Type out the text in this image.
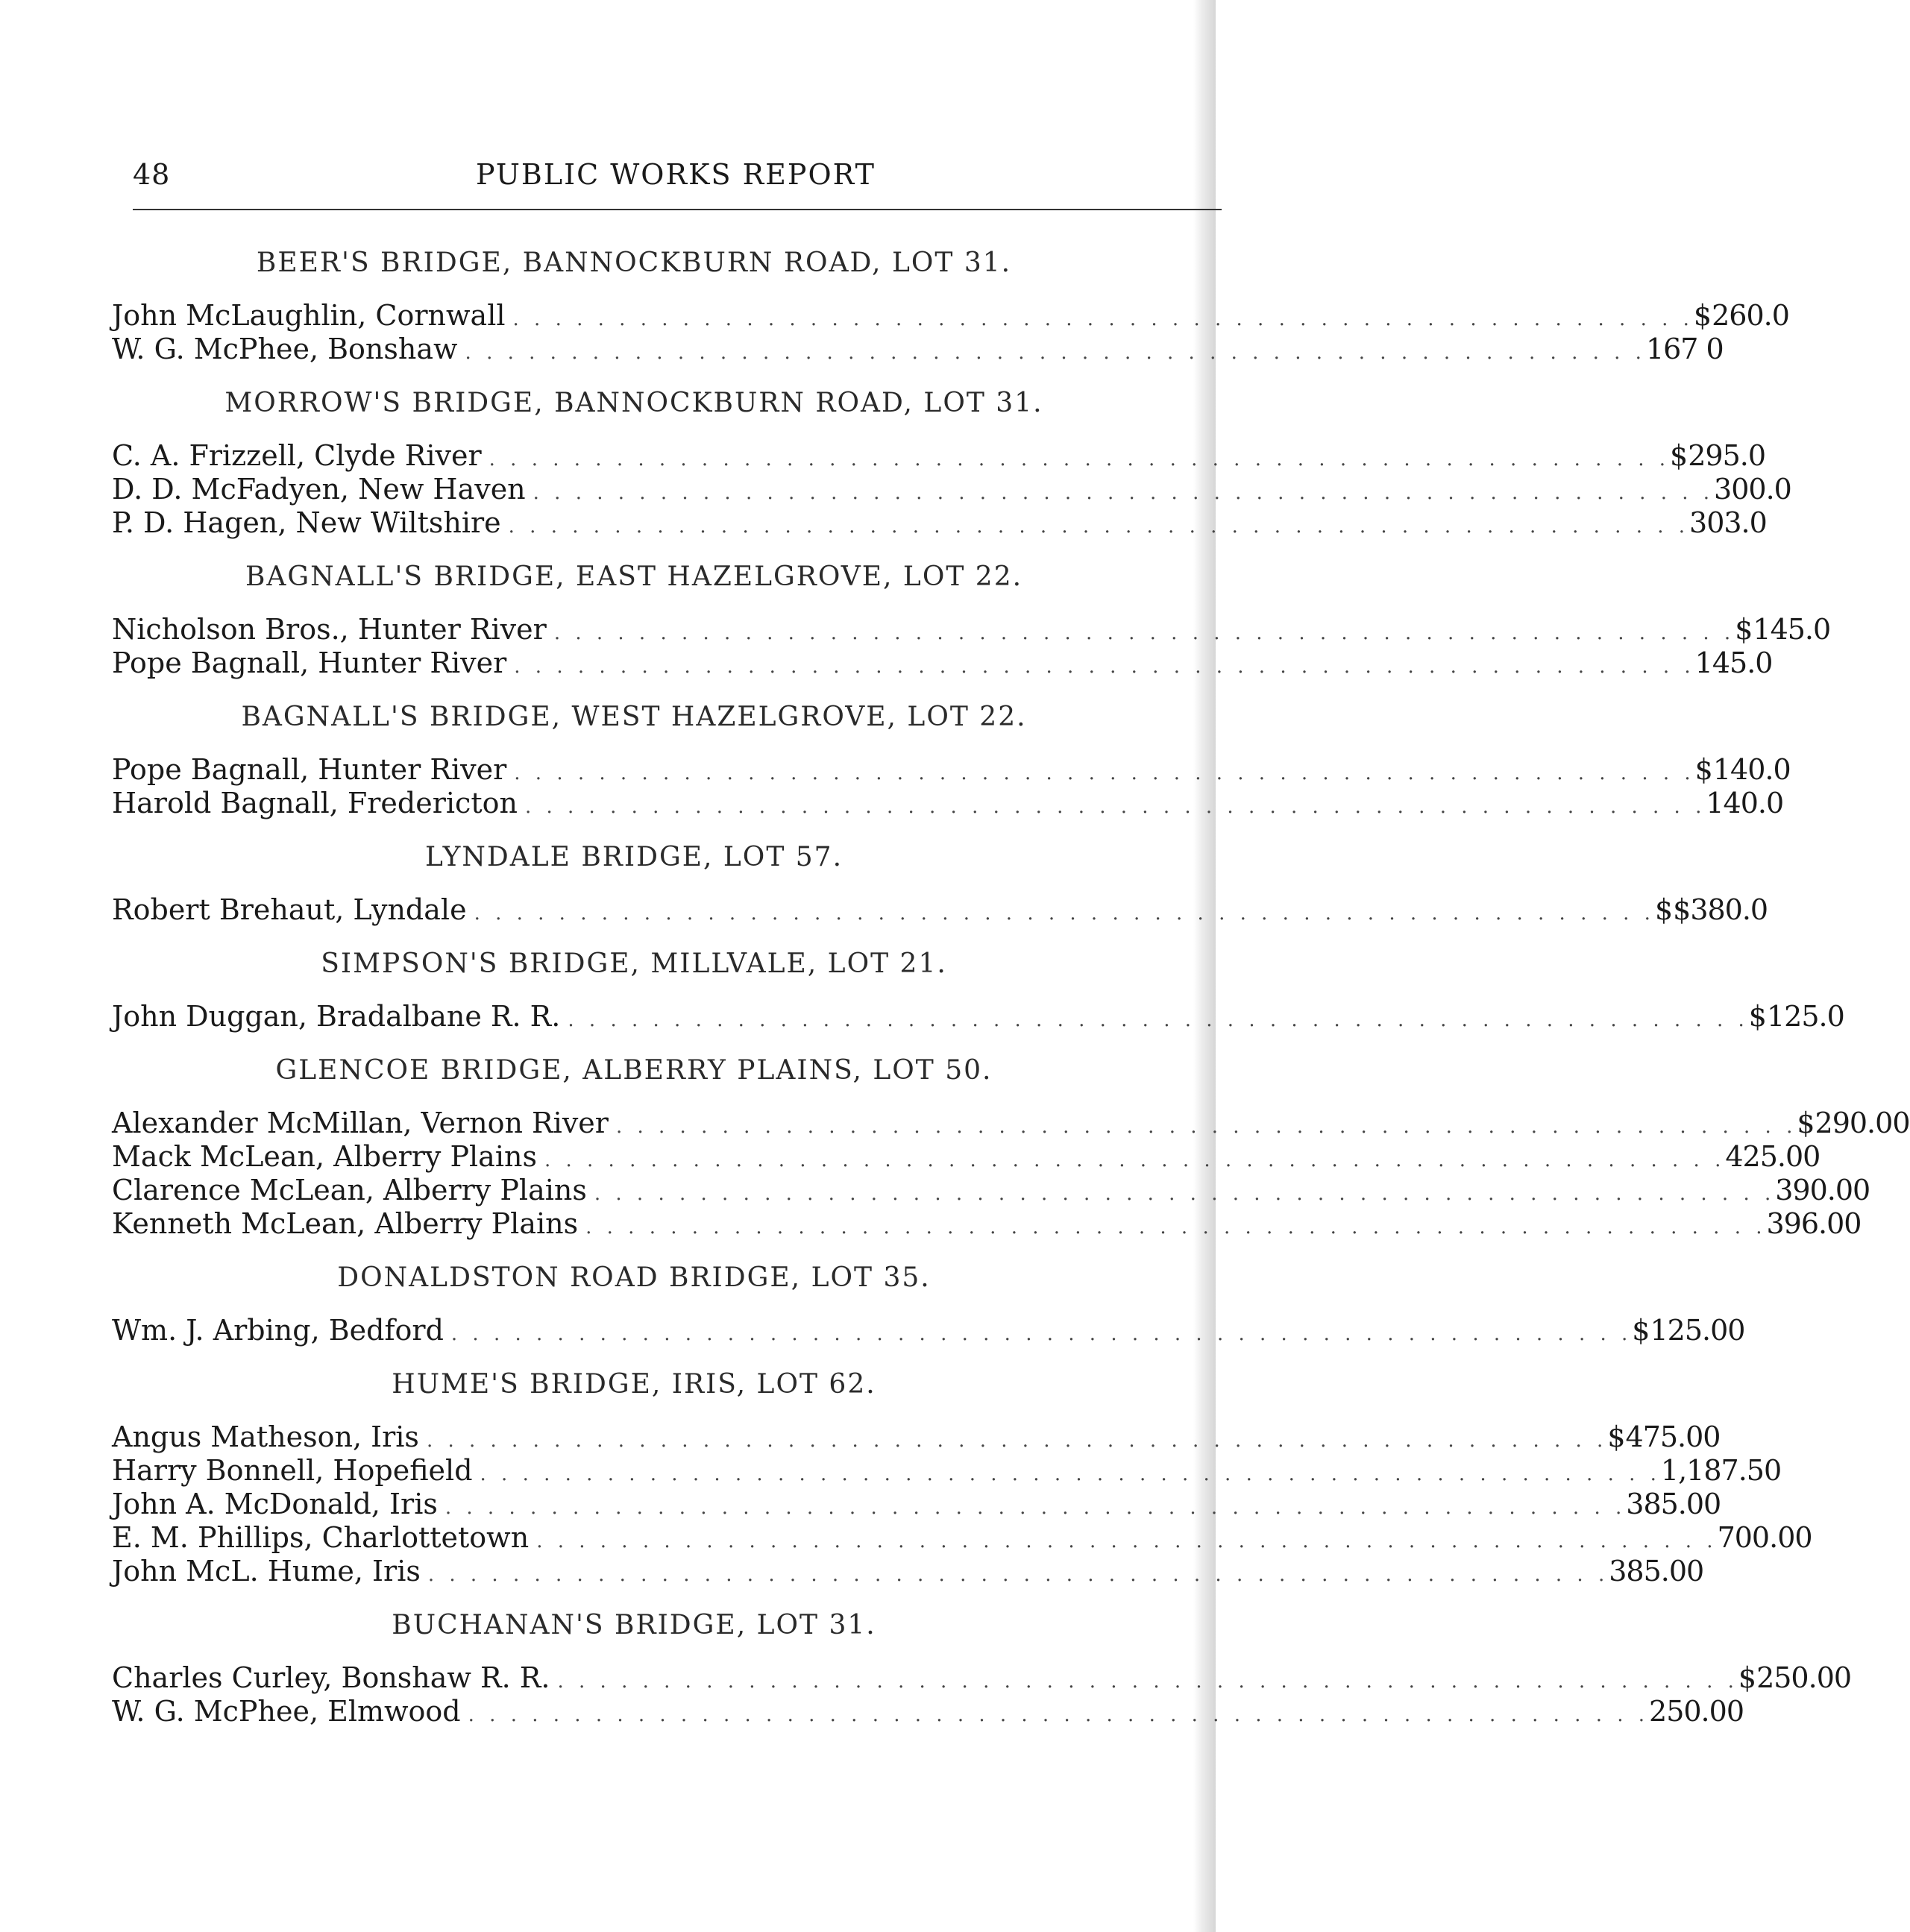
48	PUBLIC WORKS REPORT
BEER'S BRIDGE, BANNOCKBURN ROAD, LOT 31.
John McLaughlin, Cornwall . . . . . . . . . . . . . . . . . . . . . . . . . . . . . . . . . . . . . . . . . . . . . . . . . . . . . . . . $ 260.0
W. G. McPhee, Bonshaw . . . . . . . . . . . . . . . . . . . . . . . . . . . . . . . . . . . . . . . . . . . . . . . . . . . . . . . . 167 0
MORROW'S BRIDGE, BANNOCKBURN ROAD, LOT 31.
C. A. Frizzell, Clyde River . . . . . . . . . . . . . . . . . . . . . . . . . . . . . . . . . . . . . . . . . . . . . . . . . . . . . . . . $ 295.0
D. D. McFadyen, New Haven . . . . . . . . . . . . . . . . . . . . . . . . . . . . . . . . . . . . . . . . . . . . . . . . . . . . . . . . 300.0
P. D. Hagen, New Wiltshire . . . . . . . . . . . . . . . . . . . . . . . . . . . . . . . . . . . . . . . . . . . . . . . . . . . . . . . . 303.0
BAGNALL'S BRIDGE, EAST HAZELGROVE, LOT 22.
Nicholson Bros., Hunter River . . . . . . . . . . . . . . . . . . . . . . . . . . . . . . . . . . . . . . . . . . . . . . . . . . . . . . . . $ 145.0
Pope Bagnall, Hunter River . . . . . . . . . . . . . . . . . . . . . . . . . . . . . . . . . . . . . . . . . . . . . . . . . . . . . . . . 145.0
BAGNALL'S BRIDGE, WEST HAZELGROVE, LOT 22.
Pope Bagnall, Hunter River . . . . . . . . . . . . . . . . . . . . . . . . . . . . . . . . . . . . . . . . . . . . . . . . . . . . . . . . $ 140.0
Harold Bagnall, Fredericton . . . . . . . . . . . . . . . . . . . . . . . . . . . . . . . . . . . . . . . . . . . . . . . . . . . . . . . . 140.0
LYNDALE BRIDGE, LOT 57.
Robert Brehaut, Lyndale . . . . . . . . . . . . . . . . . . . . . . . . . . . . . . . . . . . . . . . . . . . . . . . . . . . . . . . . $ $380.0
SIMPSON'S BRIDGE, MILLVALE, LOT 21.
John Duggan, Bradalbane R. R. . . . . . . . . . . . . . . . . . . . . . . . . . . . . . . . . . . . . . . . . . . . . . . . . . . . . . . . . $ 125.0
GLENCOE BRIDGE, ALBERRY PLAINS, LOT 50.
Alexander McMillan, Vernon River . . . . . . . . . . . . . . . . . . . . . . . . . . . . . . . . . . . . . . . . . . . . . . . . . . . . . . . . $ 290.00
Mack McLean, Alberry Plains . . . . . . . . . . . . . . . . . . . . . . . . . . . . . . . . . . . . . . . . . . . . . . . . . . . . . . . . 425.00
Clarence McLean, Alberry Plains . . . . . . . . . . . . . . . . . . . . . . . . . . . . . . . . . . . . . . . . . . . . . . . . . . . . . . . . 390.00
Kenneth McLean, Alberry Plains . . . . . . . . . . . . . . . . . . . . . . . . . . . . . . . . . . . . . . . . . . . . . . . . . . . . . . . . 396.00
DONALDSTON ROAD BRIDGE, LOT 35.
Wm. J. Arbing, Bedford . . . . . . . . . . . . . . . . . . . . . . . . . . . . . . . . . . . . . . . . . . . . . . . . . . . . . . . . $ 125.00
HUME'S BRIDGE, IRIS, LOT 62.
Angus Matheson, Iris . . . . . . . . . . . . . . . . . . . . . . . . . . . . . . . . . . . . . . . . . . . . . . . . . . . . . . . . $ 475.00
Harry Bonnell, Hopefield . . . . . . . . . . . . . . . . . . . . . . . . . . . . . . . . . . . . . . . . . . . . . . . . . . . . . . . . 1,187.50
John A. McDonald, Iris . . . . . . . . . . . . . . . . . . . . . . . . . . . . . . . . . . . . . . . . . . . . . . . . . . . . . . . . 385.00
E. M. Phillips, Charlottetown . . . . . . . . . . . . . . . . . . . . . . . . . . . . . . . . . . . . . . . . . . . . . . . . . . . . . . . . 700.00
John McL. Hume, Iris . . . . . . . . . . . . . . . . . . . . . . . . . . . . . . . . . . . . . . . . . . . . . . . . . . . . . . . . 385.00
BUCHANAN'S BRIDGE, LOT 31.
Charles Curley, Bonshaw R. R. . . . . . . . . . . . . . . . . . . . . . . . . . . . . . . . . . . . . . . . . . . . . . . . . . . . . . . . . $ 250.00
W. G. McPhee, Elmwood . . . . . . . . . . . . . . . . . . . . . . . . . . . . . . . . . . . . . . . . . . . . . . . . . . . . . . . . 250.00
